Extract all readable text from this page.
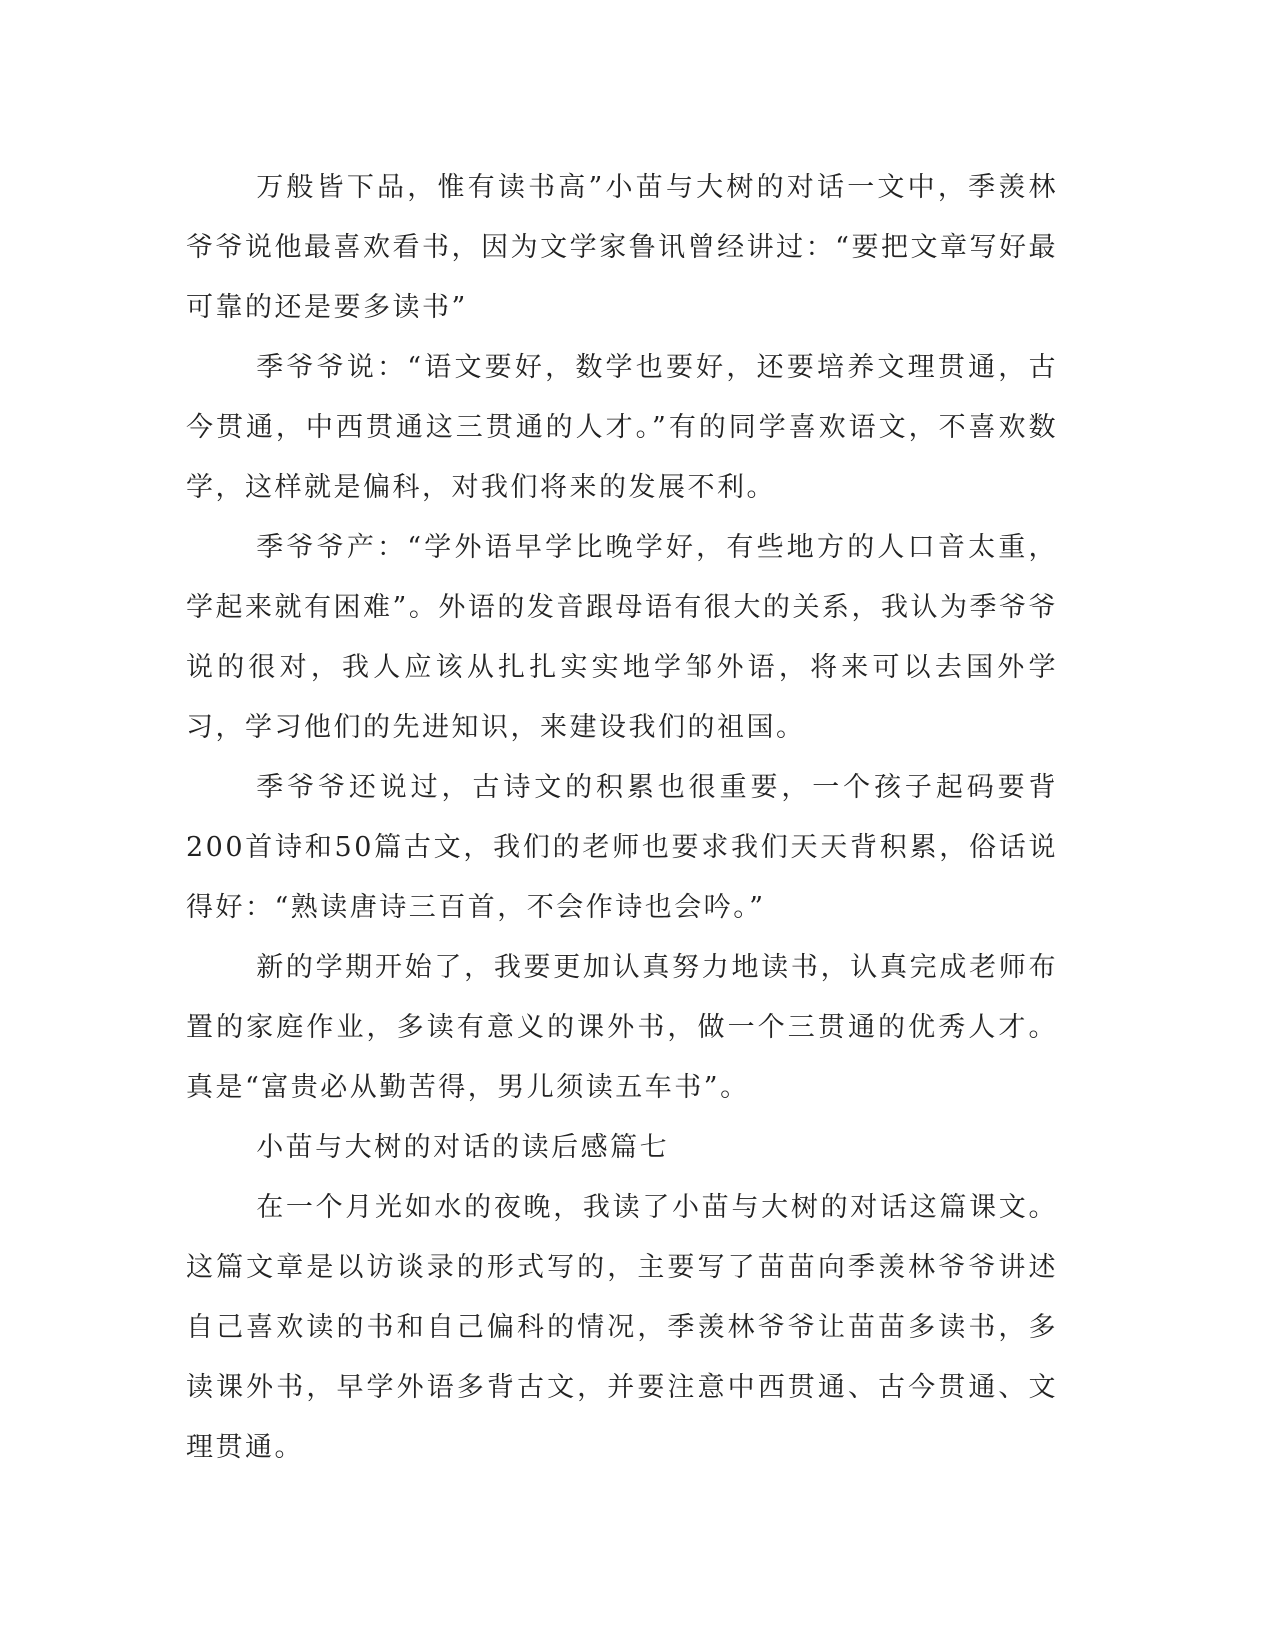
万般皆下品，惟有读书高”小苗与大树的对话一文中，季羡林爷爷说他最喜欢看书，因为文学家鲁讯曾经讲过：“要把文章写好最可靠的还是要多读书”

季爷爷说：“语文要好，数学也要好，还要培养文理贯通，古今贯通，中西贯通这三贯通的人才。”有的同学喜欢语文，不喜欢数学，这样就是偏科，对我们将来的发展不利。

季爷爷产：“学外语早学比晚学好，有些地方的人口音太重，学起来就有困难”。外语的发音跟母语有很大的关系，我认为季爷爷说的很对，我人应该从扎扎实实地学邹外语，将来可以去国外学习，学习他们的先进知识，来建设我们的祖国。

季爷爷还说过，古诗文的积累也很重要，一个孩子起码要背200首诗和50篇古文，我们的老师也要求我们天天背积累，俗话说得好：“熟读唐诗三百首，不会作诗也会吟。”

新的学期开始了，我要更加认真努力地读书，认真完成老师布置的家庭作业，多读有意义的课外书，做一个三贯通的优秀人才。真是“富贵必从勤苦得，男儿须读五车书”。

小苗与大树的对话的读后感篇七

在一个月光如水的夜晚，我读了小苗与大树的对话这篇课文。这篇文章是以访谈录的形式写的，主要写了苗苗向季羡林爷爷讲述自己喜欢读的书和自己偏科的情况，季羡林爷爷让苗苗多读书，多读课外书，早学外语多背古文，并要注意中西贯通、古今贯通、文理贯通。
